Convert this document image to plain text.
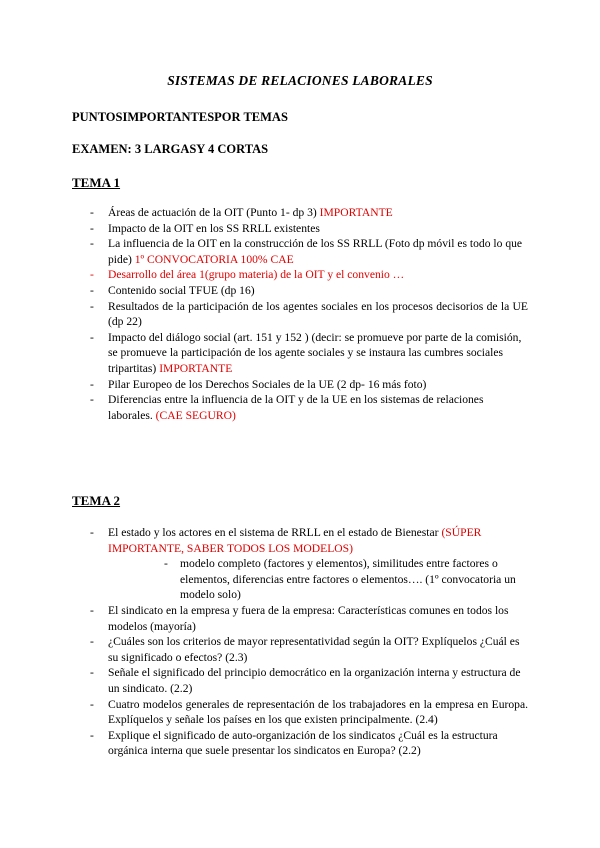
SISTEMAS DE RELACIONES LABORALES
PUNTOSIMPORTANTESPOR TEMAS
EXAMEN: 3 LARGASY 4 CORTAS
TEMA 1
- Áreas de actuación de la OIT (Punto 1- dp 3) IMPORTANTE
- Impacto de la OIT en los SS RRLL existentes
- La influencia de la OIT en la construcción de los SS RRLL (Foto dp móvil es todo lo que pide) 1º CONVOCATORIA 100% CAE
- Desarrollo del área 1(grupo materia) de la OIT y el convenio …
- Contenido social TFUE (dp 16)
- Resultados de la participación de los agentes sociales en los procesos decisorios de la UE (dp 22)
- Impacto del diálogo social (art. 151 y 152 ) (decir: se promueve por parte de la comisión, se promueve la participación de los agente sociales y se instaura las cumbres sociales tripartitas) IMPORTANTE
- Pilar Europeo de los Derechos Sociales de la UE (2 dp- 16 más foto)
- Diferencias entre la influencia de la OIT y de la UE en los sistemas de relaciones laborales. (CAE SEGURO)
TEMA 2
- El estado y los actores en el sistema de RRLL en el estado de Bienestar (SÚPER IMPORTANTE, SABER TODOS LOS MODELOS)
- modelo completo (factores y elementos), similitudes entre factores o elementos, diferencias entre factores o elementos…. (1º convocatoria un modelo solo)
- El sindicato en la empresa y fuera de la empresa: Características comunes en todos los modelos (mayoría)
- ¿Cuáles son los criterios de mayor representatividad según la OIT? Explíquelos ¿Cuál es su significado o efectos? (2.3)
- Señale el significado del principio democrático en la organización interna y estructura de un sindicato. (2.2)
- Cuatro modelos generales de representación de los trabajadores en la empresa en Europa. Explíquelos y señale los países en los que existen principalmente. (2.4)
- Explique el significado de auto-organización de los sindicatos ¿Cuál es la estructura orgánica interna que suele presentar los sindicatos en Europa? (2.2)
